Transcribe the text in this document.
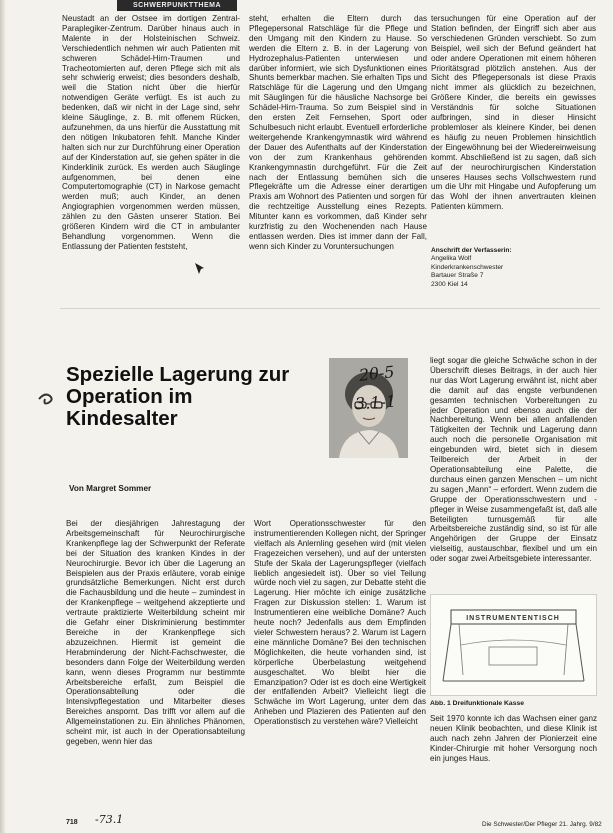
SCHWERPUNKTTHEMA

Neustadt an der Ostsee im dortigen Zentral-Paraplegiker-Zentrum. Darüber hinaus auch in Malente in der Holsteinischen Schweiz. Verschiedentlich nehmen wir auch Patienten mit schweren Schädel-Hirn-Traumen und Tracheotomierten auf, deren Pflege sich mit als sehr schwierig erweist; dies besonders deshalb, weil die Station nicht über die hierfür notwendigen Geräte verfügt. Es ist auch zu bedenken, daß wir nicht in der Lage sind, sehr kleine Säuglinge, z. B. mit offenem Rücken, aufzunehmen, da uns hierfür die Ausstattung mit den nötigen Inkubatoren fehlt. Manche Kinder halten sich nur zur Durchführung einer Operation auf der Kinderstation auf, sie gehen später in die Kinderklinik zurück. Es werden auch Säuglinge aufgenommen, bei denen eine Computertomographie (CT) in Narkose gemacht werden muß; auch Kinder, an denen Angiographien vorgenommen werden müssen, zählen zu den Gästen unserer Station. Bei größeren Kindern wird die CT in ambulanter Behandlung vorgenommen. Wenn die Entlassung der Patienten feststeht,

steht, erhalten die Eltern durch das Pflegepersonal Ratschläge für die Pflege und den Umgang mit den Kindern zu Hause. So werden die Eltern z. B. in der Lagerung von Hydrozephalus-Patienten unterwiesen und darüber informiert, wie sich Dysfunktionen eines Shunts bemerkbar machen. Sie erhalten Tips und Ratschläge für die Lagerung und den Umgang mit Säuglingen für die häusliche Nachsorge bei Schädel-Hirn-Trauma. So zum Beispiel sind in den ersten Zeit Fernsehen, Sport oder Schulbesuch nicht erlaubt. Eventuell erforderliche weitergehende Krankengymnastik wird während der Dauer des Aufenthalts auf der Kinderstation von der zum Krankenhaus gehörenden Krankengymnastin durchgeführt. Für die Zeit nach der Entlassung bemühen sich die Pflegekräfte um die Adresse einer derartigen Praxis am Wohnort des Patienten und sorgen für die rechtzeitige Ausstellung eines Rezepts. Mitunter kann es vorkommen, daß Kinder sehr kurzfristig zu den Wochenenden nach Hause entlassen werden. Dies ist immer dann der Fall, wenn sich Kinder zu Voruntersuchungen

tersuchungen für eine Operation auf der Station befinden, der Eingriff sich aber aus verschiedenen Gründen verschiebt. So zum Beispiel, weil sich der Befund geändert hat oder andere Operationen mit einem höheren Prioritätsgrad plötzlich anstehen. Aus der Sicht des Pflegepersonals ist diese Praxis nicht immer als glücklich zu bezeichnen, Größere Kinder, die bereits ein gewisses Verständnis für solche Situationen aufbringen, sind in dieser Hinsicht problemloser als kleinere Kinder, bei denen es häufig zu neuen Problemen hinsichtlich der Eingewöhnung bei der Wiedereinweisung kommt. Abschließend ist zu sagen, daß sich auf der neurochirurgischen Kinderstation unseres Hauses sechs Vollschwestern rund um die Uhr mit Hingabe und Aufopferung um das Wohl der ihnen anvertrauten kleinen Patienten kümmern.

Anschrift der Verfasserin:
Angelika Wolf
Kinderkrankenschwester
Bartauer Straße 7
2300 Kiel 14
Spezielle Lagerung zur Operation im Kindesalter
Von Margret Sommer
2θ-5
3.1-1

liegt sogar die gleiche Schwäche schon in der Überschrift dieses Beitrags, in der auch hier nur das Wort Lagerung erwähnt ist, nicht aber die damit auf das engste verbundenen gesamten technischen Vorbereitungen zu jeder Operation und ebenso auch die der Nachbereitung. Wenn bei allen anfallenden Tätigkeiten der Technik und Lagerung dann auch noch die personelle Organisation mit eingebunden wird, bietet sich in diesem Teilbereich der Arbeit in der Operationsabteilung eine Palette, die durchaus einen ganzen Menschen – um nicht zu sagen „Mann“ – erfordert. Wenn zudem die Gruppe der Operationsschwestern und -pfleger in Weise zusammengefaßt ist, daß alle Beteiligten turnusgemäß für alle Arbeitsbereiche zuständig sind, so ist für alle Angehörigen der Gruppe der Einsatz vielseitig, austauschbar, flexibel und um ein oder sogar zwei Arbeitsgebiete interessanter.

INSTRUMENTENTISCH
Abb. 1 Dreifunktionale Kasse

Bei der diesjährigen Jahrestagung der Arbeitsgemeinschaft für Neurochirurgische Krankenpflege lag der Schwerpunkt der Referate bei der Situation des kranken Kindes in der Neurochirurgie. Bevor ich über die Lagerung an Beispielen aus der Praxis erläutere, vorab einige grundsätzliche Bemerkungen. Nicht erst durch die Fachausbildung und die heute – zumindest in der Krankenpflege – weitgehend akzeptierte und vertraute praktizierte Weiterbildung scheint mir die Gefahr einer Diskriminierung bestimmter Bereiche in der Krankenpflege sich abzuzeichnen. Hiermit ist gemeint die Herabminderung der Nicht-Fachschwester, die besonders dann Folge der Weiterbildung werden kann, wenn dieses Programm nur bestimmte Arbeitsbereiche erfaßt, zum Beispiel die Operationsabteilung oder die Intensivpflegestation und Mitarbeiter dieses Bereiches anspornt. Das trifft vor allem auf die Allgemeinstationen zu. Ein ähnliches Phänomen, scheint mir, ist auch in der Operationsabteilung gegeben, wenn hier das

Wort Operationsschwester für den instrumentierenden Kollegen nicht, der Springer vielfach als Anlernling gesehen wird (mit vielen Fragezeichen versehen), und auf der untersten Stufe der Skala der Lagerungspfleger (vielfach lieblich angesiedelt ist). Über so viel Teilung würde noch viel zu sagen, zur Debatte steht die Lagerung. Hier möchte ich einige zusätzliche Fragen zur Diskussion stellen: 1. Warum ist Instrumentieren eine weibliche Domäne? Auch heute noch? Jedenfalls aus dem Empfinden vieler Schwestern heraus? 2. Warum ist Lagern eine männliche Domäne? Bei den technischen Möglichkeiten, die heute vorhanden sind, ist körperliche Überbelastung weitgehend ausgeschaltet. Wo bleibt hier die Emanzipation? Oder ist es doch eine Wertigkeit der entfallenden Arbeit? Vielleicht liegt die Schwäche im Wort Lagerung, unter dem das Anheben und Plazieren des Patienten auf den Operationstisch zu verstehen wäre? Vielleicht	Seit 1970 konnte ich das Wachsen einer ganz neuen Klinik beobachten, und diese Klinik ist auch nach zehn Jahren der Pionierzeit eine Kinder-Chirurgie mit hoher Versorgung noch ein junges Haus.

718 -73.1	Die Schwester/Der Pfleger 21. Jahrg. 9/82
